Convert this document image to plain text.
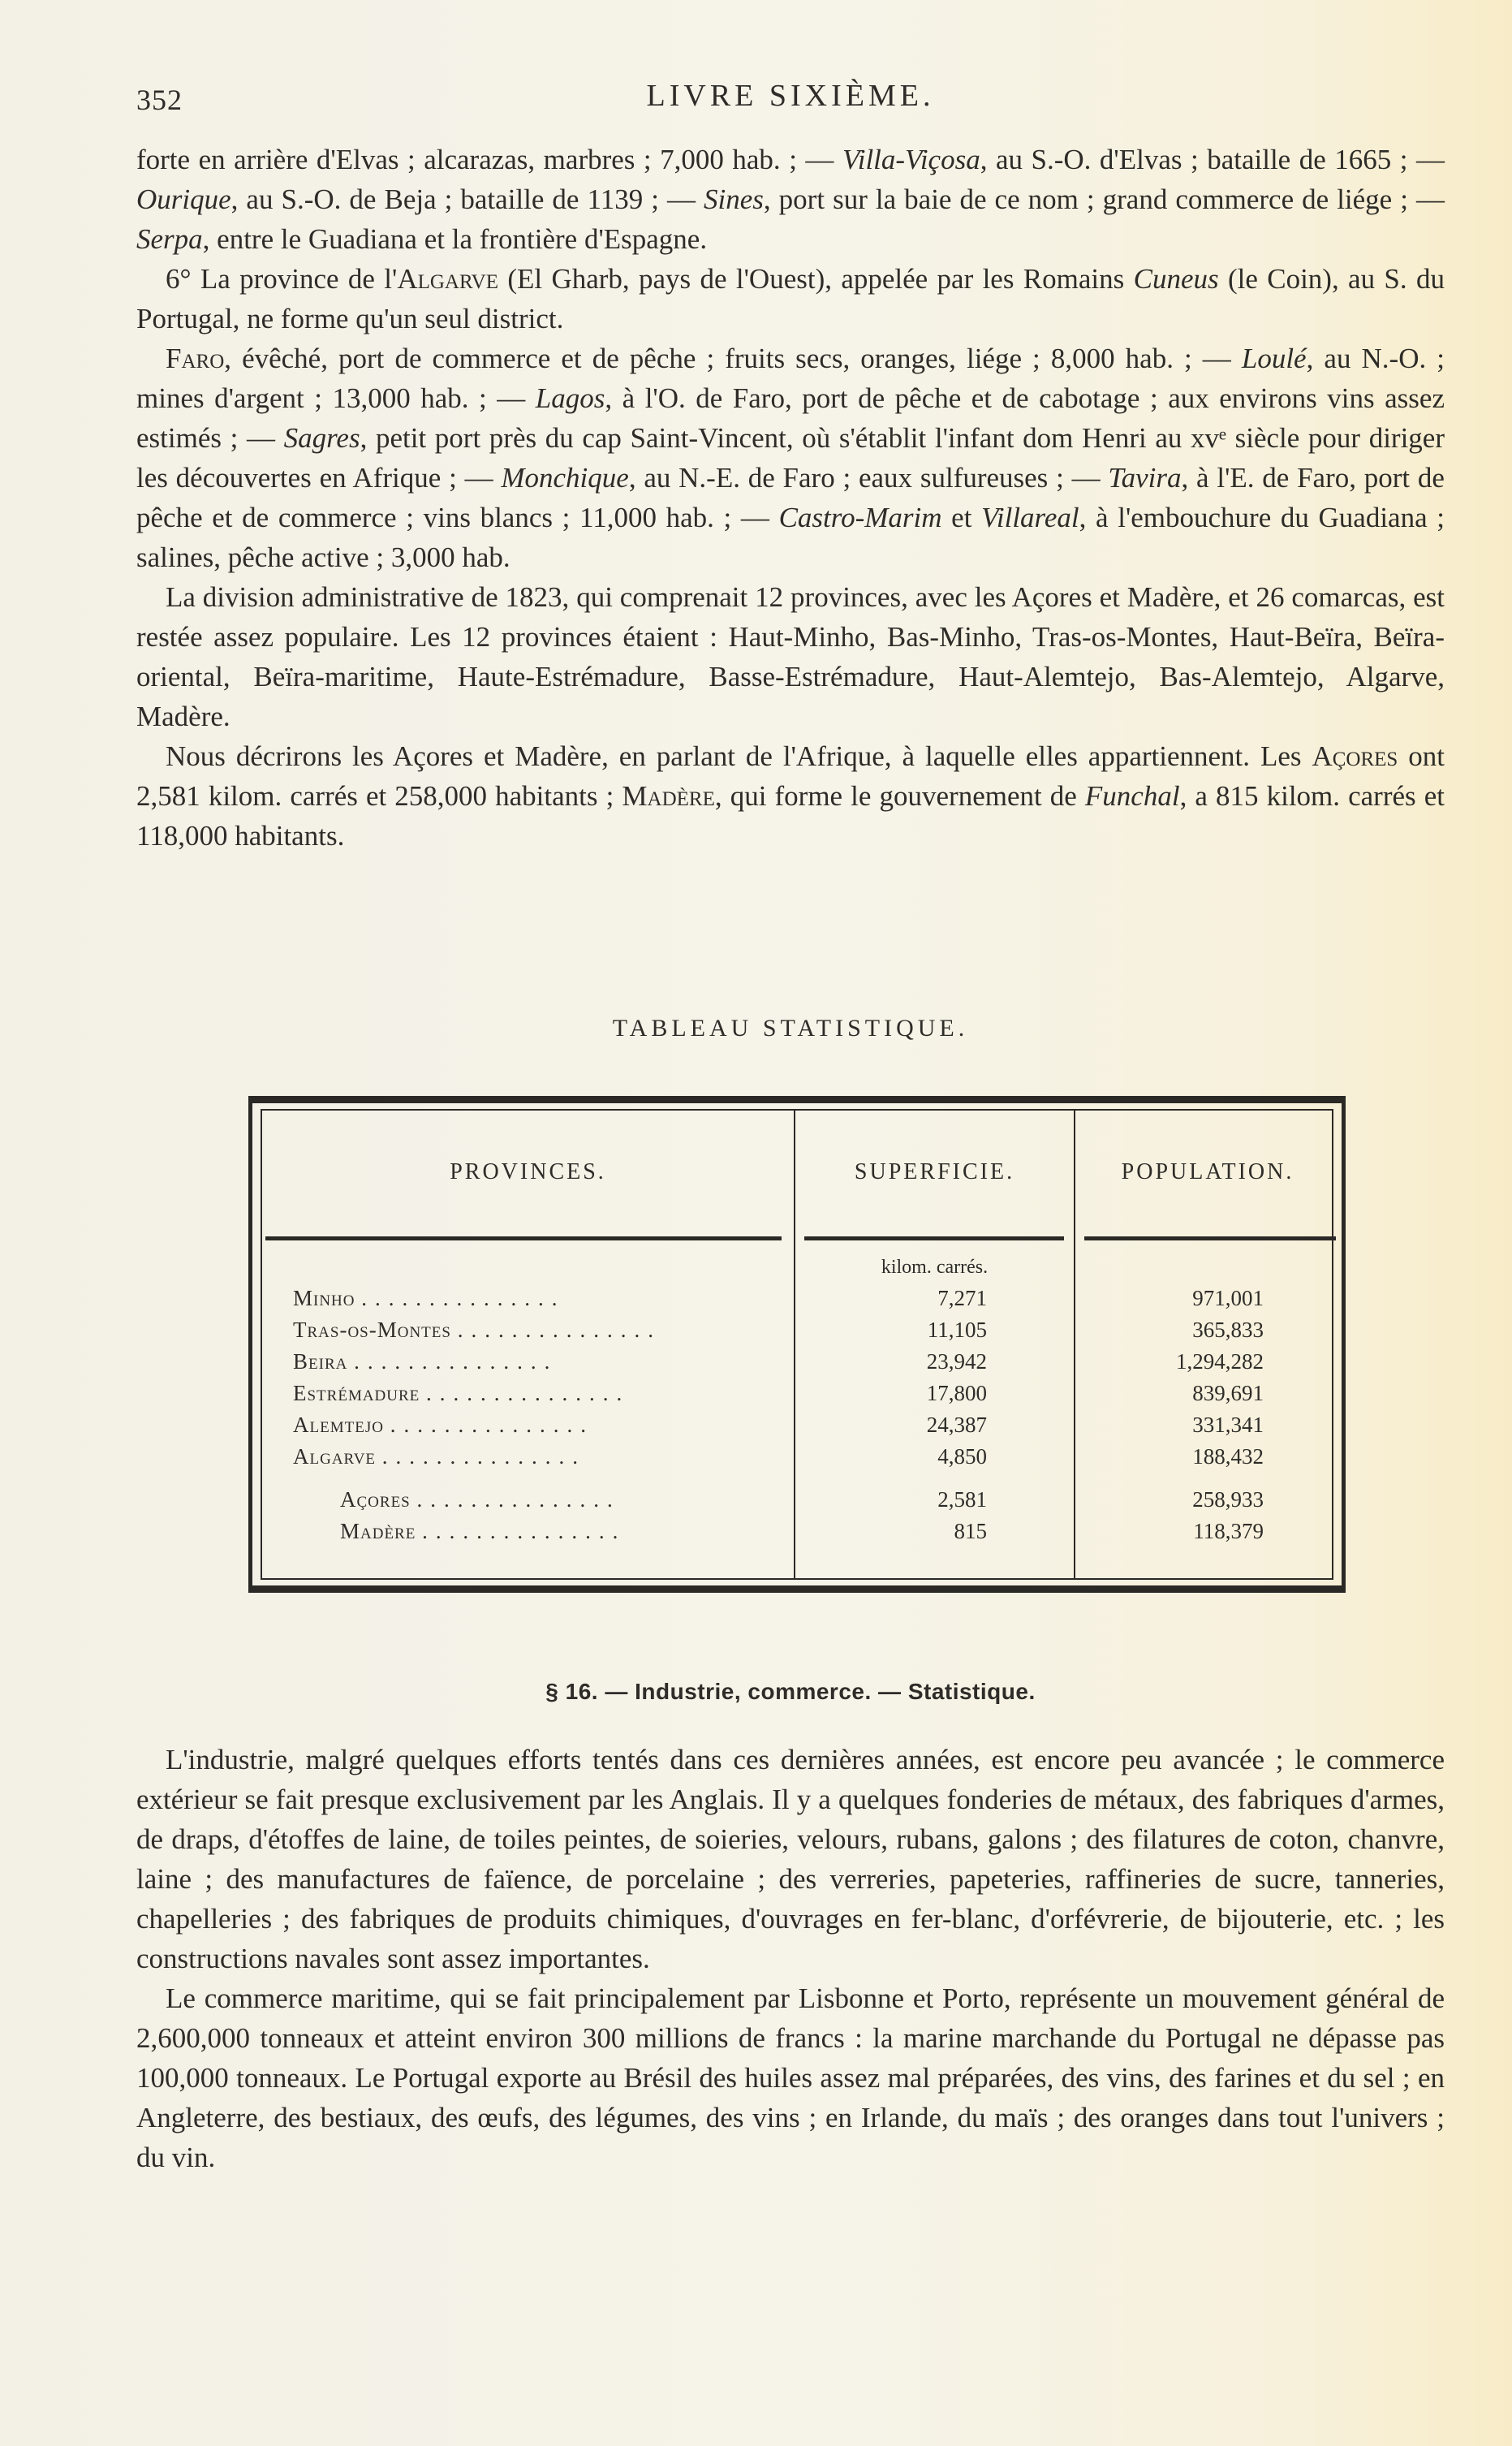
352	LIVRE SIXIÈME.

forte en arrière d'Elvas ; alcarazas, marbres ; 7,000 hab. ; — Villa-Viçosa, au S.-O. d'Elvas ; bataille de 1665 ; — Ourique, au S.-O. de Beja ; bataille de 1139 ; — Sines, port sur la baie de ce nom ; grand commerce de liége ; — Serpa, entre le Guadiana et la frontière d'Espagne.

6° La province de l'Algarve (El Gharb, pays de l'Ouest), appelée par les Romains Cuneus (le Coin), au S. du Portugal, ne forme qu'un seul district.

Faro, évêché, port de commerce et de pêche ; fruits secs, oranges, liége ; 8,000 hab. ; — Loulé, au N.-O. ; mines d'argent ; 13,000 hab. ; — Lagos, à l'O. de Faro, port de pêche et de cabotage ; aux environs vins assez estimés ; — Sagres, petit port près du cap Saint-Vincent, où s'établit l'infant dom Henri au xvᵉ siècle pour diriger les découvertes en Afrique ; — Monchique, au N.-E. de Faro ; eaux sulfureuses ; — Tavira, à l'E. de Faro, port de pêche et de commerce ; vins blancs ; 11,000 hab. ; — Castro-Marim et Villareal, à l'embouchure du Guadiana ; salines, pêche active ; 3,000 hab.

La division administrative de 1823, qui comprenait 12 provinces, avec les Açores et Madère, et 26 comarcas, est restée assez populaire. Les 12 provinces étaient : Haut-Minho, Bas-Minho, Tras-os-Montes, Haut-Beïra, Beïra-oriental, Beïra-maritime, Haute-Estrémadure, Basse-Estrémadure, Haut-Alemtejo, Bas-Alemtejo, Algarve, Madère.

Nous décrirons les Açores et Madère, en parlant de l'Afrique, à laquelle elles appartiennent. Les Açores ont 2,581 kilom. carrés et 258,000 habitants ; Madère, qui forme le gouvernement de Funchal, a 815 kilom. carrés et 118,000 habitants.

TABLEAU STATISTIQUE.
PROVINCES.	SUPERFICIE.	POPULATION.
kilom. carrés.
Minho ...............	7,271	971,001
Tras-os-Montes ...............	11,105	365,833
Beira ...............	23,942	1,294,282
Estrémadure ...............	17,800	839,691
Alemtejo ...............	24,387	331,341
Algarve ...............	4,850	188,432
Açores ...............	2,581	258,933
Madère ...............	815	118,379
§ 16. — Industrie, commerce. — Statistique.

L'industrie, malgré quelques efforts tentés dans ces dernières années, est encore peu avancée ; le commerce extérieur se fait presque exclusivement par les Anglais. Il y a quelques fonderies de métaux, des fabriques d'armes, de draps, d'étoffes de laine, de toiles peintes, de soieries, velours, rubans, galons ; des filatures de coton, chanvre, laine ; des manufactures de faïence, de porcelaine ; des verreries, papeteries, raffineries de sucre, tanneries, chapelleries ; des fabriques de produits chimiques, d'ouvrages en fer-blanc, d'orfévrerie, de bijouterie, etc. ; les constructions navales sont assez importantes.

Le commerce maritime, qui se fait principalement par Lisbonne et Porto, représente un mouvement général de 2,600,000 tonneaux et atteint environ 300 millions de francs : la marine marchande du Portugal ne dépasse pas 100,000 tonneaux. Le Portugal exporte au Brésil des huiles assez mal préparées, des vins, des farines et du sel ; en Angleterre, des bestiaux, des œufs, des légumes, des vins ; en Irlande, du maïs ; des oranges dans tout l'univers ; du vin.
